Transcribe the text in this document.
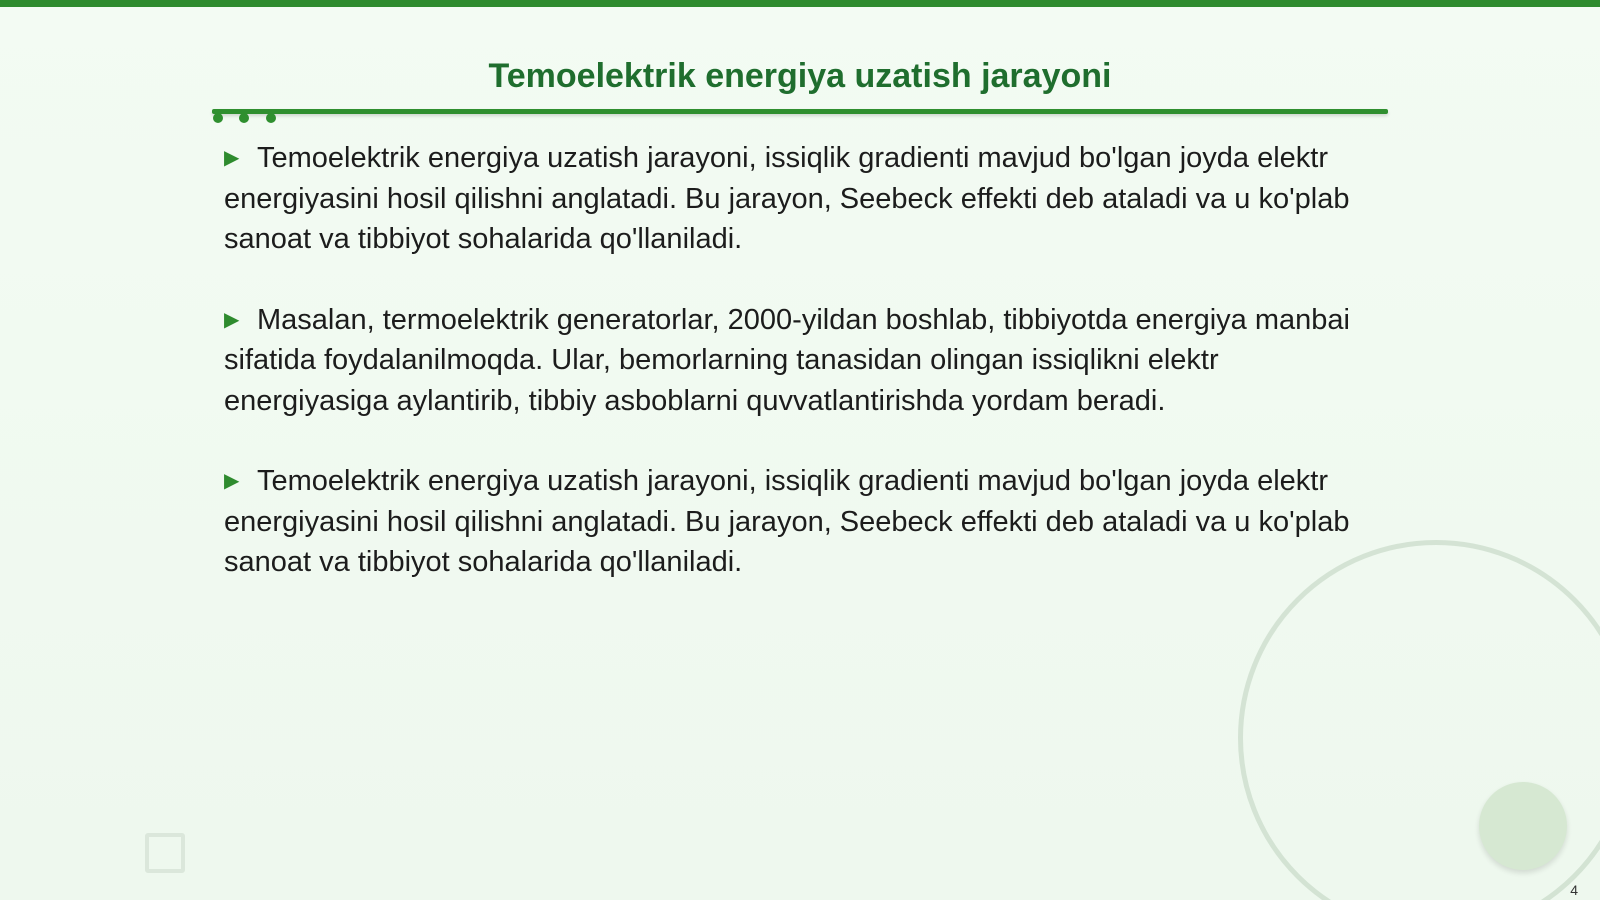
Temoelektrik energiya uzatish jarayoni
▶ Temoelektrik energiya uzatish jarayoni, issiqlik gradienti mavjud bo'lgan joyda elektr energiyasini hosil qilishni anglatadi. Bu jarayon, Seebeck effekti deb ataladi va u ko'plab sanoat va tibbiyot sohalarida qo'llaniladi.
▶ Masalan, termoelektrik generatorlar, 2000-yildan boshlab, tibbiyotda energiya manbai sifatida foydalanilmoqda. Ular, bemorlarning tanasidan olingan issiqlikni elektr energiyasiga aylantirib, tibbiy asboblarni quvvatlantirishda yordam beradi.
▶ Temoelektrik energiya uzatish jarayoni, issiqlik gradienti mavjud bo'lgan joyda elektr energiyasini hosil qilishni anglatadi. Bu jarayon, Seebeck effekti deb ataladi va u ko'plab sanoat va tibbiyot sohalarida qo'llaniladi.
4
